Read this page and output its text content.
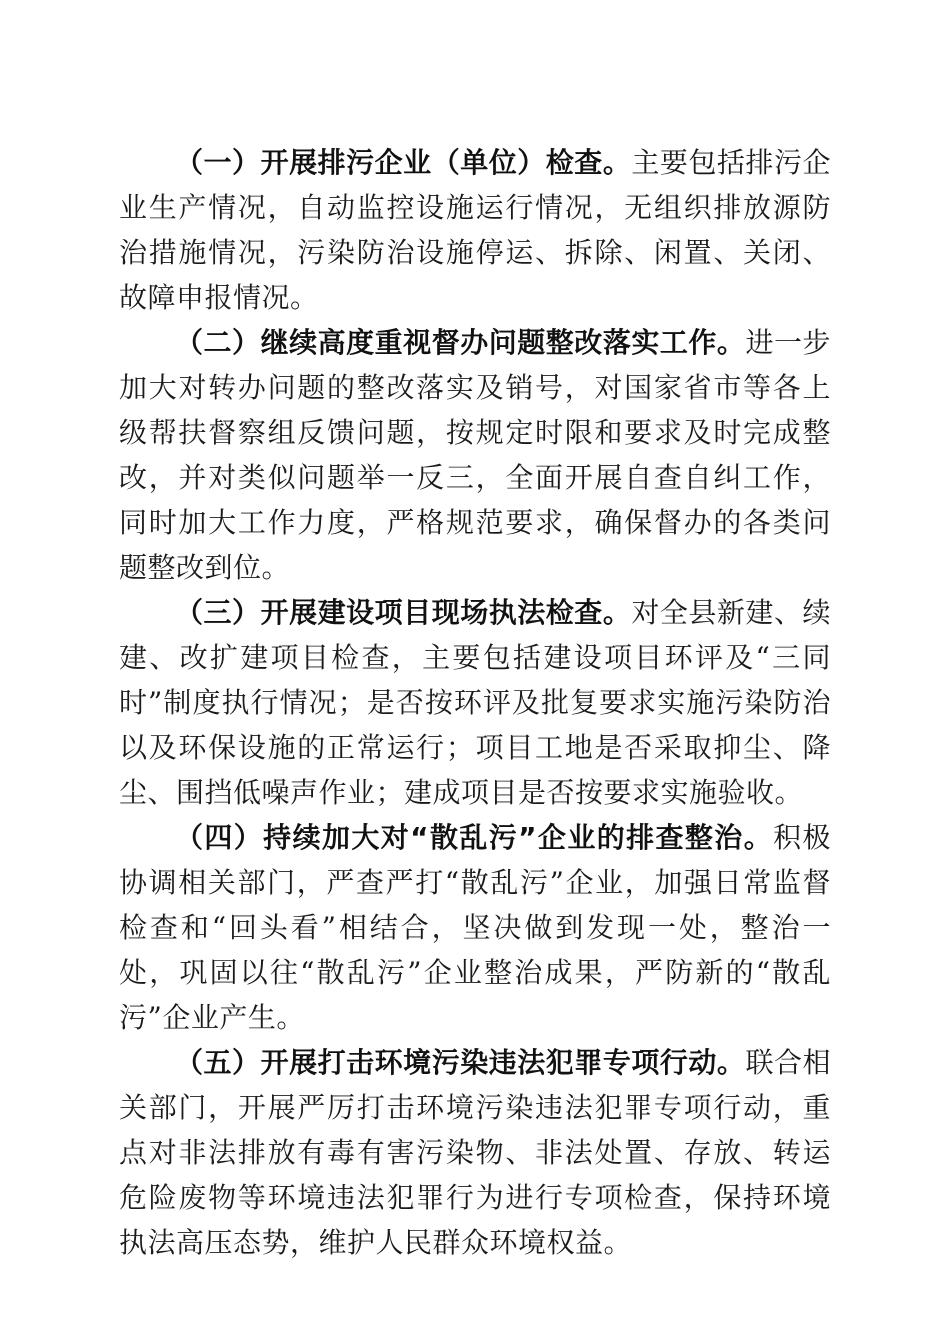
（一）开展排污企业（单位）检查。主要包括排污企业生产情况，自动监控设施运行情况，无组织排放源防治措施情况，污染防治设施停运、拆除、闲置、关闭、故障申报情况。

（二）继续高度重视督办问题整改落实工作。进一步加大对转办问题的整改落实及销号，对国家省市等各上级帮扶督察组反馈问题，按规定时限和要求及时完成整改，并对类似问题举一反三，全面开展自查自纠工作，同时加大工作力度，严格规范要求，确保督办的各类问题整改到位。

（三）开展建设项目现场执法检查。对全县新建、续建、改扩建项目检查，主要包括建设项目环评及“三同时”制度执行情况；是否按环评及批复要求实施污染防治以及环保设施的正常运行；项目工地是否采取抑尘、降尘、围挡低噪声作业；建成项目是否按要求实施验收。

（四）持续加大对“散乱污”企业的排查整治。积极协调相关部门，严查严打“散乱污”企业，加强日常监督检查和“回头看”相结合，坚决做到发现一处，整治一处，巩固以往“散乱污”企业整治成果，严防新的“散乱污”企业产生。

（五）开展打击环境污染违法犯罪专项行动。联合相关部门，开展严厉打击环境污染违法犯罪专项行动，重点对非法排放有毒有害污染物、非法处置、存放、转运危险废物等环境违法犯罪行为进行专项检查，保持环境执法高压态势，维护人民群众环境权益。
